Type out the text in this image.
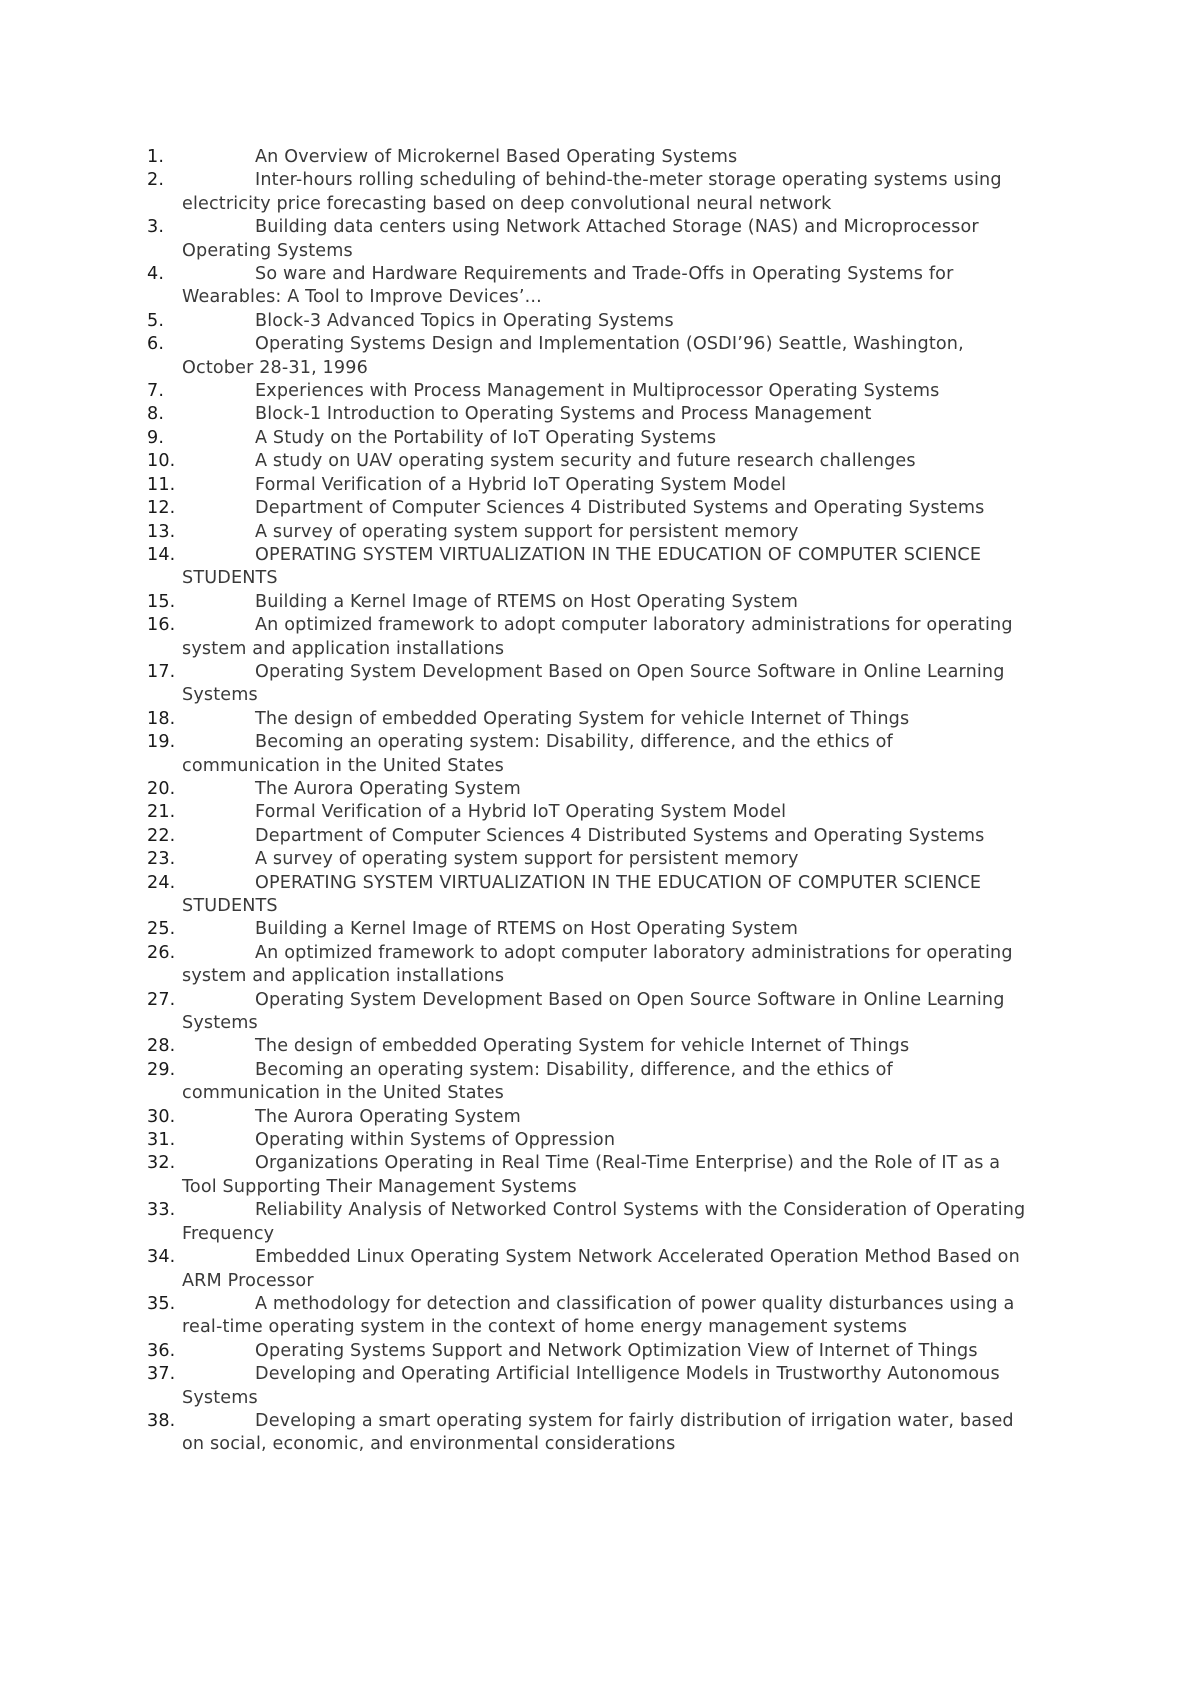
1.	An Overview of Microkernel Based Operating Systems
2.	Inter-hours rolling scheduling of behind-the-meter storage operating systems using electricity price forecasting based on deep convolutional neural network
3.	Building data centers using Network Attached Storage (NAS) and Microprocessor Operating Systems
4.	So ware and Hardware Requirements and Trade-Offs in Operating Systems for Wearables: A Tool to Improve Devices’...
5.	Block-3 Advanced Topics in Operating Systems
6.	Operating Systems Design and Implementation (OSDI’96) Seattle, Washington, October 28-31, 1996
7.	Experiences with Process Management in Multiprocessor Operating Systems
8.	Block-1 Introduction to Operating Systems and Process Management
9.	A Study on the Portability of IoT Operating Systems
10.	A study on UAV operating system security and future research challenges
11.	Formal Verification of a Hybrid IoT Operating System Model
12.	Department of Computer Sciences 4 Distributed Systems and Operating Systems
13.	A survey of operating system support for persistent memory
14.	OPERATING SYSTEM VIRTUALIZATION IN THE EDUCATION OF COMPUTER SCIENCE STUDENTS
15.	Building a Kernel Image of RTEMS on Host Operating System
16.	An optimized framework to adopt computer laboratory administrations for operating system and application installations
17.	Operating System Development Based on Open Source Software in Online Learning Systems
18.	The design of embedded Operating System for vehicle Internet of Things
19.	Becoming an operating system: Disability, difference, and the ethics of communication in the United States
20.	The Aurora Operating System
21.	Formal Verification of a Hybrid IoT Operating System Model
22.	Department of Computer Sciences 4 Distributed Systems and Operating Systems
23.	A survey of operating system support for persistent memory
24.	OPERATING SYSTEM VIRTUALIZATION IN THE EDUCATION OF COMPUTER SCIENCE STUDENTS
25.	Building a Kernel Image of RTEMS on Host Operating System
26.	An optimized framework to adopt computer laboratory administrations for operating system and application installations
27.	Operating System Development Based on Open Source Software in Online Learning Systems
28.	The design of embedded Operating System for vehicle Internet of Things
29.	Becoming an operating system: Disability, difference, and the ethics of communication in the United States
30.	The Aurora Operating System
31.	Operating within Systems of Oppression
32.	Organizations Operating in Real Time (Real-Time Enterprise) and the Role of IT as a Tool Supporting Their Management Systems
33.	Reliability Analysis of Networked Control Systems with the Consideration of Operating Frequency
34.	Embedded Linux Operating System Network Accelerated Operation Method Based on ARM Processor
35.	A methodology for detection and classification of power quality disturbances using a real-time operating system in the context of home energy management systems
36.	Operating Systems Support and Network Optimization View of Internet of Things
37.	Developing and Operating Artificial Intelligence Models in Trustworthy Autonomous Systems
38.	Developing a smart operating system for fairly distribution of irrigation water, based on social, economic, and environmental considerations
